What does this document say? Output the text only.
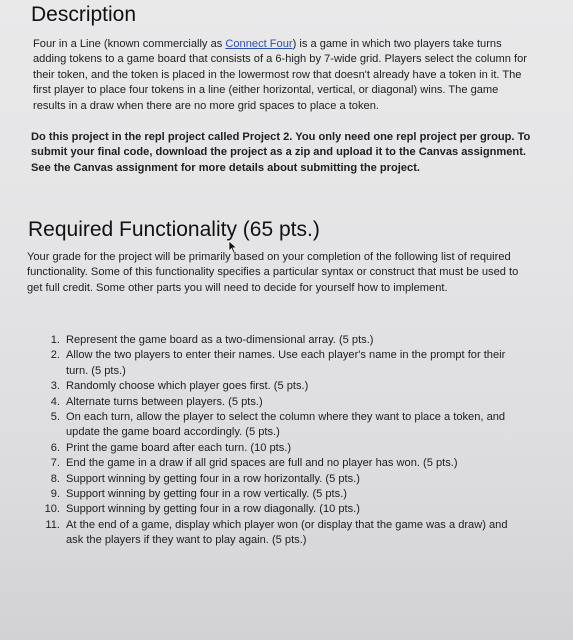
Description
Four in a Line (known commercially as Connect Four) is a game in which two players take turns adding tokens to a game board that consists of a 6-high by 7-wide grid. Players select the column for their token, and the token is placed in the lowermost row that doesn't already have a token in it. The first player to place four tokens in a line (either horizontal, vertical, or diagonal) wins. The game results in a draw when there are no more grid spaces to place a token.
Do this project in the repl project called Project 2. You only need one repl project per group. To submit your final code, download the project as a zip and upload it to the Canvas assignment. See the Canvas assignment for more details about submitting the project.
Required Functionality (65 pts.)
Your grade for the project will be primarily based on your completion of the following list of required functionality. Some of this functionality specifies a particular syntax or construct that must be used to get full credit. Some other parts you will need to decide for yourself how to implement.
1. Represent the game board as a two-dimensional array. (5 pts.)
2. Allow the two players to enter their names. Use each player's name in the prompt for their turn. (5 pts.)
3. Randomly choose which player goes first. (5 pts.)
4. Alternate turns between players. (5 pts.)
5. On each turn, allow the player to select the column where they want to place a token, and update the game board accordingly. (5 pts.)
6. Print the game board after each turn. (10 pts.)
7. End the game in a draw if all grid spaces are full and no player has won. (5 pts.)
8. Support winning by getting four in a row horizontally. (5 pts.)
9. Support winning by getting four in a row vertically. (5 pts.)
10. Support winning by getting four in a row diagonally. (10 pts.)
11. At the end of a game, display which player won (or display that the game was a draw) and ask the players if they want to play again. (5 pts.)
